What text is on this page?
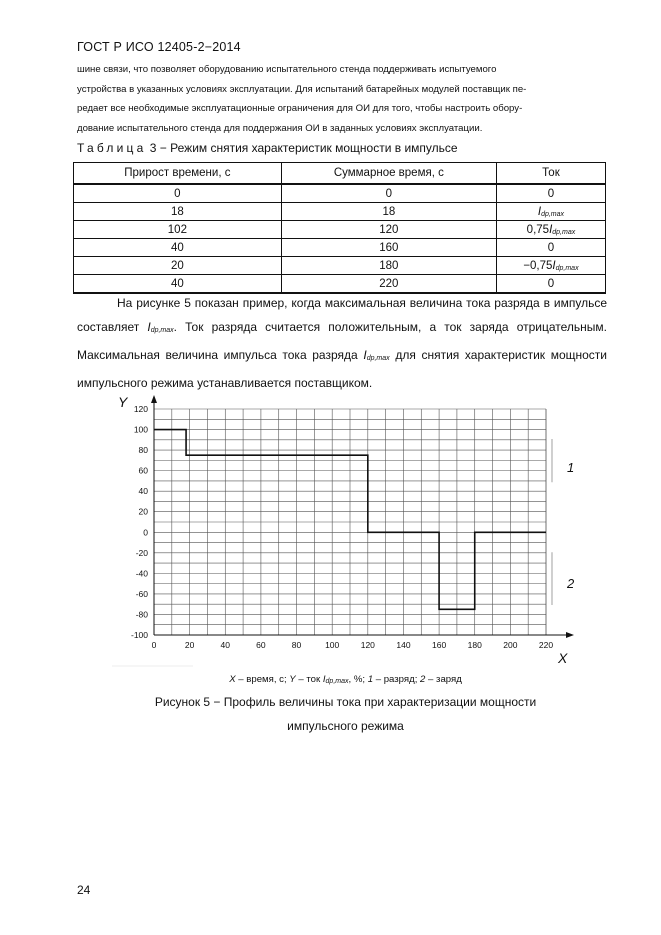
ГОСТ Р ИСО 12405-2−2014

шине связи, что позволяет оборудованию испытательного стенда поддерживать испытуемого

устройства в указанных условиях эксплуатации. Для испытаний батарейных модулей поставщик пе-

редает все необходимые эксплуатационные ограничения для ОИ для того, чтобы настроить обору-

дование испытательного стенда для поддержания ОИ в заданных условиях эксплуатации.

Таблица 3 − Режим снятия характеристик мощности в импульсе
Прирост времени, с	Суммарное время, с	Ток
0	0	0
18	18	$I_{dp,max}$
102	120	$0,75I_{dp,max}$
40	160	0
20	180	$-0,75I_{dp,max}$
40	220	0

На рисунке 5 показан пример, когда максимальная величина тока разряда в импульсе составляет $I_{dp,max}$. Ток разряда считается положительным, а ток заряда отрицательным. Максимальная величина импульса тока разряда $I_{dp,max}$ для снятия характеристик мощности импульсного режима устанавливается поставщиком.

-100
-80
-60
-40
-20
0
20
40
60
80
100
120
0	20	40	60	80	100	120	140	160	180	200	220
Y
X
1
2
X – время, с; Y – ток $I_{dp,max}$, %; 1 – разряд; 2 – заряд
Рисунок 5 − Профиль величины тока при характеризации мощности
импульсного режима
24
